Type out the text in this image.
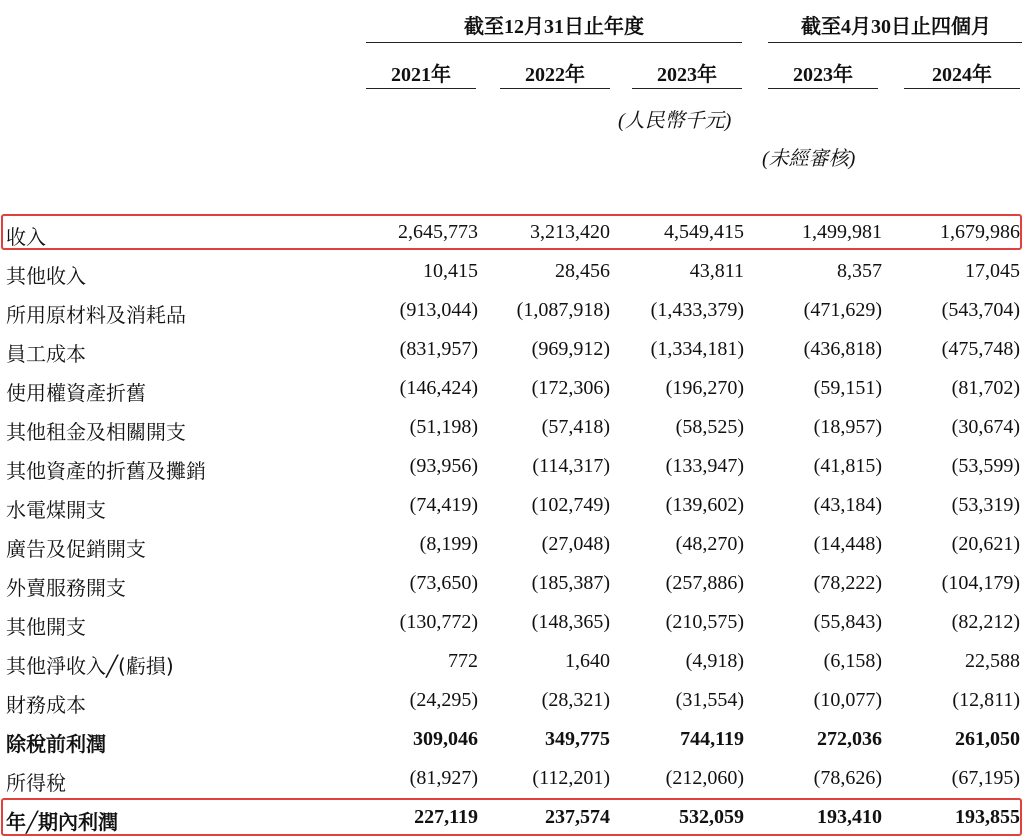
截至12月31日止年度	截至4月30日止四個月
2021年	2022年	2023年	2023年	2024年
(人民幣千元)
(未經審核)
收入	2,645,773	3,213,420	4,549,415	1,499,981	1,679,986
其他收入	10,415	28,456	43,811	8,357	17,045
所用原材料及消耗品	(913,044)	(1,087,918)	(1,433,379)	(471,629)	(543,704)
員工成本	(831,957)	(969,912)	(1,334,181)	(436,818)	(475,748)
使用權資產折舊	(146,424)	(172,306)	(196,270)	(59,151)	(81,702)
其他租金及相關開支	(51,198)	(57,418)	(58,525)	(18,957)	(30,674)
其他資產的折舊及攤銷	(93,956)	(114,317)	(133,947)	(41,815)	(53,599)
水電煤開支	(74,419)	(102,749)	(139,602)	(43,184)	(53,319)
廣告及促銷開支	(8,199)	(27,048)	(48,270)	(14,448)	(20,621)
外賣服務開支	(73,650)	(185,387)	(257,886)	(78,222)	(104,179)
其他開支	(130,772)	(148,365)	(210,575)	(55,843)	(82,212)
其他淨收入╱(虧損)	772	1,640	(4,918)	(6,158)	22,588
財務成本	(24,295)	(28,321)	(31,554)	(10,077)	(12,811)
除稅前利潤	309,046	349,775	744,119	272,036	261,050
所得稅	(81,927)	(112,201)	(212,060)	(78,626)	(67,195)
年╱期內利潤	227,119	237,574	532,059	193,410	193,855
